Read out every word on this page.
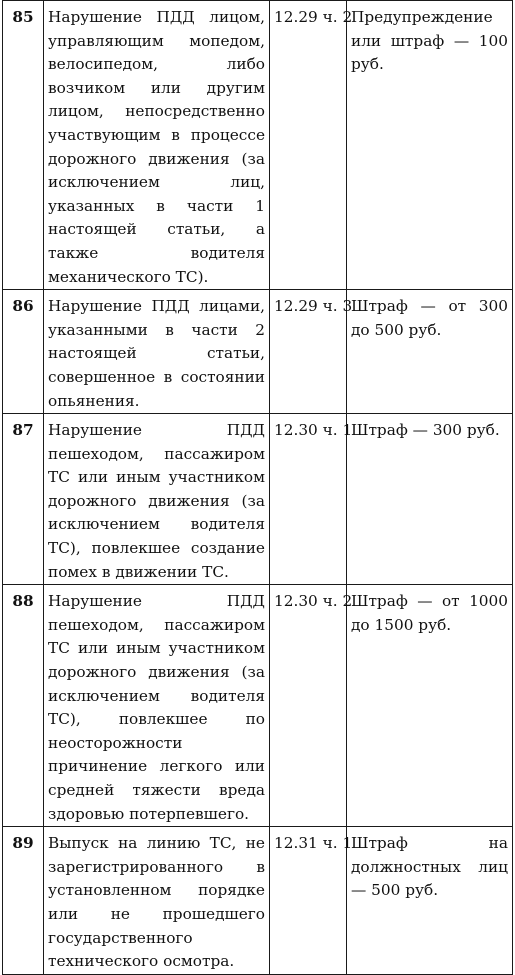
85	Нарушение ПДД лицом, управляющим мопедом, велосипедом, либо возчиком или другим лицом, непосредственно участвующим в процессе дорожного движения (за исключением лиц, указанных в части 1 настоящей статьи, а также водителя механического ТС).	12.29 ч. 2	Предупреждение или штраф — 100 руб.
86	Нарушение ПДД лицами, указанными в части 2 настоящей статьи, совершенное в состоянии опьянения.	12.29 ч. 3	Штраф — от 300 до 500 руб.
87	Нарушение ПДД пешеходом, пассажиром ТС или иным участником дорожного движения (за исключением водителя ТС), повлекшее создание помех в движении ТС.	12.30 ч. 1	Штраф — 300 руб.
88	Нарушение ПДД пешеходом, пассажиром ТС или иным участником дорожного движения (за исключением водителя ТС), повлекшее по неосторожности причинение легкого или средней тяжести вреда здоровью потерпевшего.	12.30 ч. 2	Штраф — от 1000 до 1500 руб.
89	Выпуск на линию ТС, не зарегистрированного в установленном порядке или не прошедшего государственного технического осмотра.	12.31 ч. 1	Штраф на должностных лиц — 500 руб.
